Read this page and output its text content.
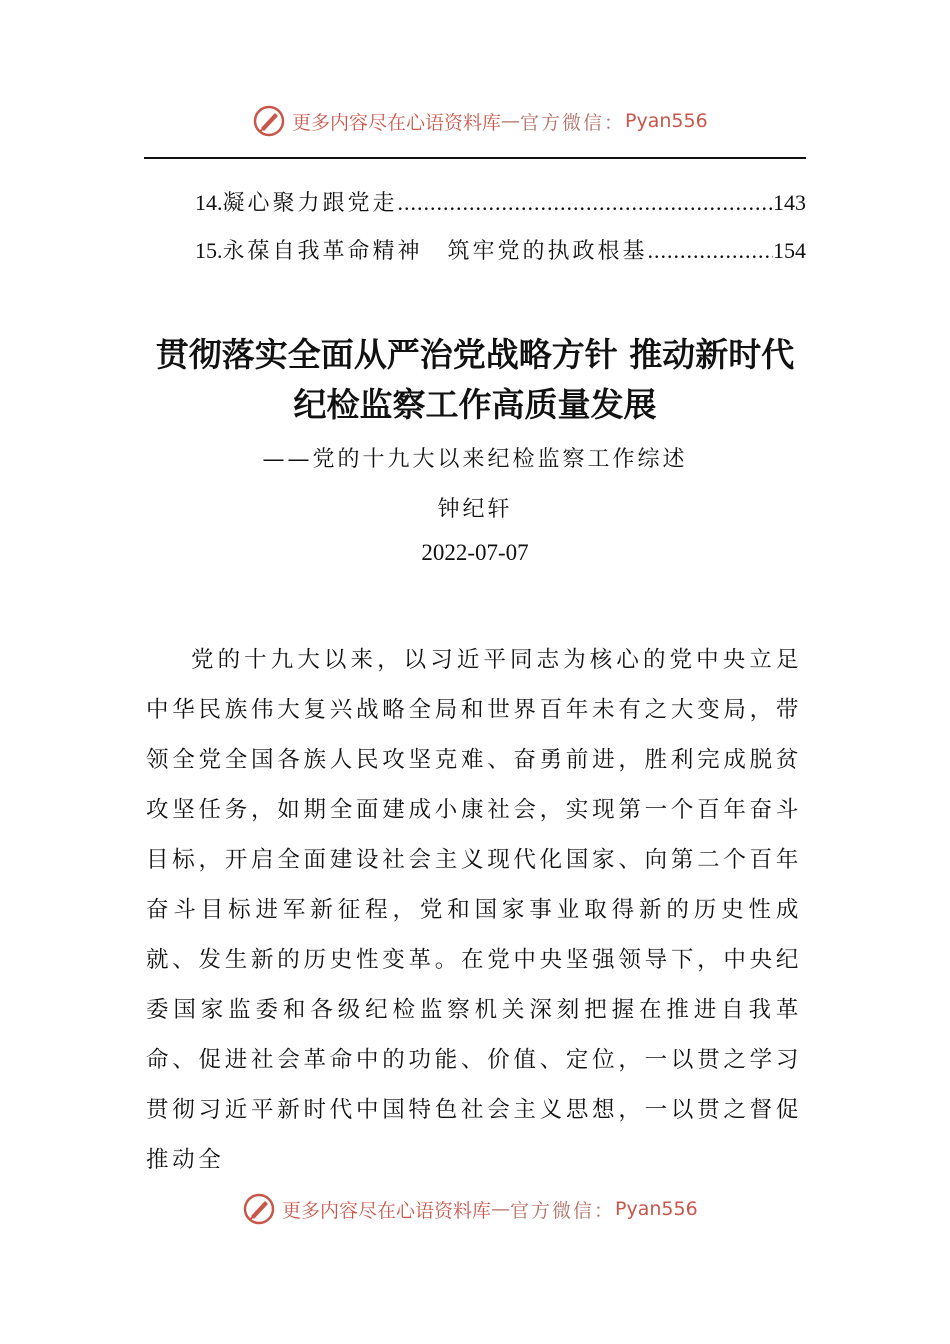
更多内容尽在心语资料库 — 官方微信： Pyan556
14. 凝心聚力跟党走 .....	143
15. 永葆自我革命精神　筑牢党的执政根基 .....	154
贯彻落实全面从严治党战略方针 推动新时代纪检监察工作高质量发展
——党的十九大以来纪检监察工作综述
钟纪轩
2022-07-07

党的十九大以来，以习近平同志为核心的党中央立足中华民族伟大复兴战略全局和世界百年未有之大变局，带领全党全国各族人民攻坚克难、奋勇前进，胜利完成脱贫攻坚任务，如期全面建成小康社会，实现第一个百年奋斗目标，开启全面建设社会主义现代化国家、向第二个百年奋斗目标进军新征程，党和国家事业取得新的历史性成就、发生新的历史性变革。在党中央坚强领导下，中央纪委国家监委和各级纪检监察机关深刻把握在推进自我革命、促进社会革命中的功能、价值、定位，一以贯之学习贯彻习近平新时代中国特色社会主义思想，一以贯之督促推动全

更多内容尽在心语资料库 — 官方微信： Pyan556
